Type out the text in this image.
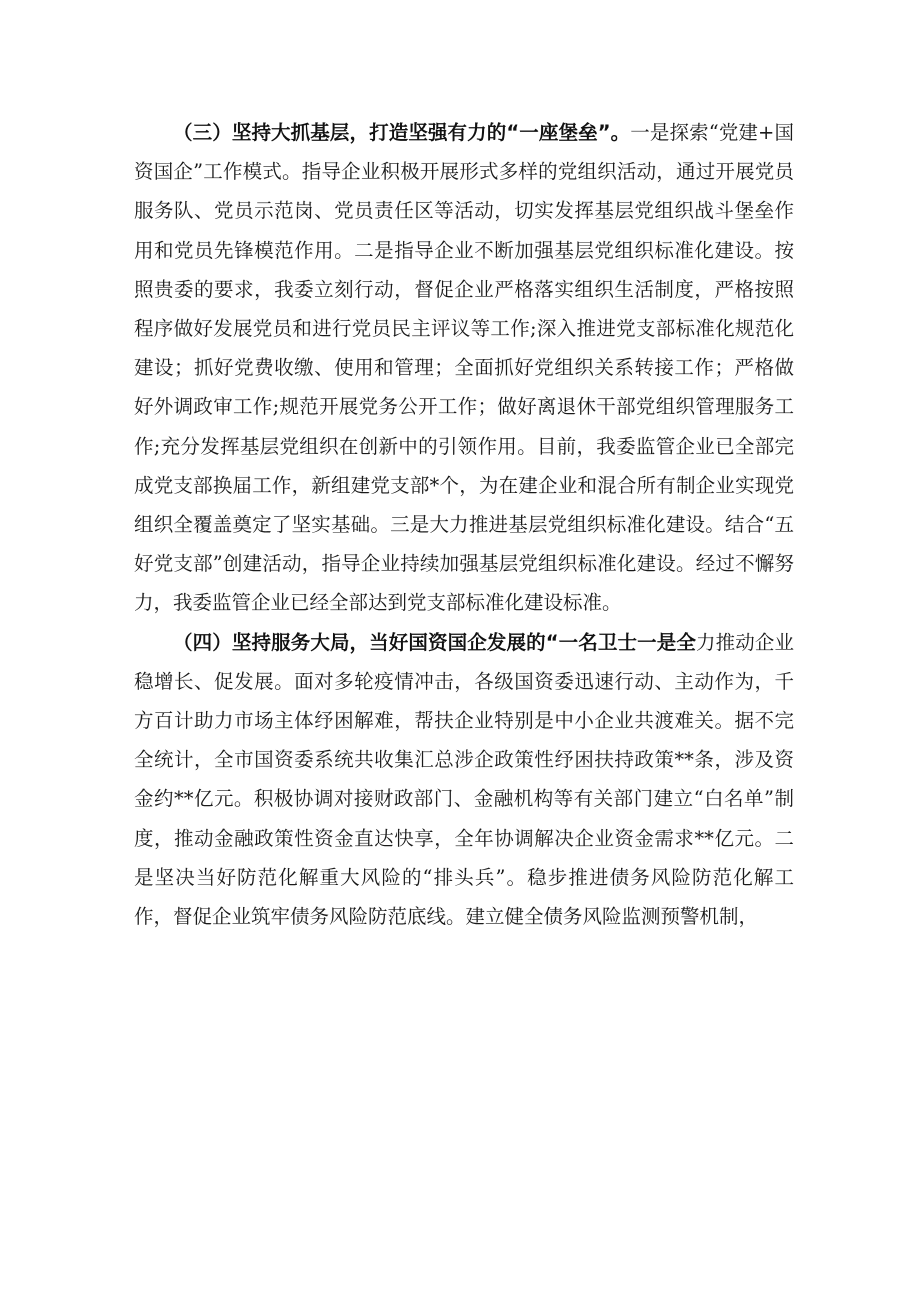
（三）坚持大抓基层，打造坚强有力的“一座堡垒”。一是探索“党建+国资国企”工作模式。指导企业积极开展形式多样的党组织活动，通过开展党员服务队、党员示范岗、党员责任区等活动，切实发挥基层党组织战斗堡垒作用和党员先锋模范作用。二是指导企业不断加强基层党组织标准化建设。按照贵委的要求，我委立刻行动，督促企业严格落实组织生活制度，严格按照程序做好发展党员和进行党员民主评议等工作;深入推进党支部标准化规范化建设；抓好党费收缴、使用和管理；全面抓好党组织关系转接工作；严格做好外调政审工作;规范开展党务公开工作；做好离退休干部党组织管理服务工作;充分发挥基层党组织在创新中的引领作用。目前，我委监管企业已全部完成党支部换届工作，新组建党支部*个，为在建企业和混合所有制企业实现党组织全覆盖奠定了坚实基础。三是大力推进基层党组织标准化建设。结合“五好党支部”创建活动，指导企业持续加强基层党组织标准化建设。经过不懈努力，我委监管企业已经全部达到党支部标准化建设标准。

（四）坚持服务大局，当好国资国企发展的“一名卫士一是全力推动企业稳增长、促发展。面对多轮疫情冲击，各级国资委迅速行动、主动作为，千方百计助力市场主体纾困解难，帮扶企业特别是中小企业共渡难关。据不完全统计，全市国资委系统共收集汇总涉企政策性纾困扶持政策**条，涉及资金约**亿元。积极协调对接财政部门、金融机构等有关部门建立“白名单”制度，推动金融政策性资金直达快享，全年协调解决企业资金需求**亿元。二是坚决当好防范化解重大风险的“排头兵”。稳步推进债务风险防范化解工作，督促企业筑牢债务风险防范底线。建立健全债务风险监测预警机制，
